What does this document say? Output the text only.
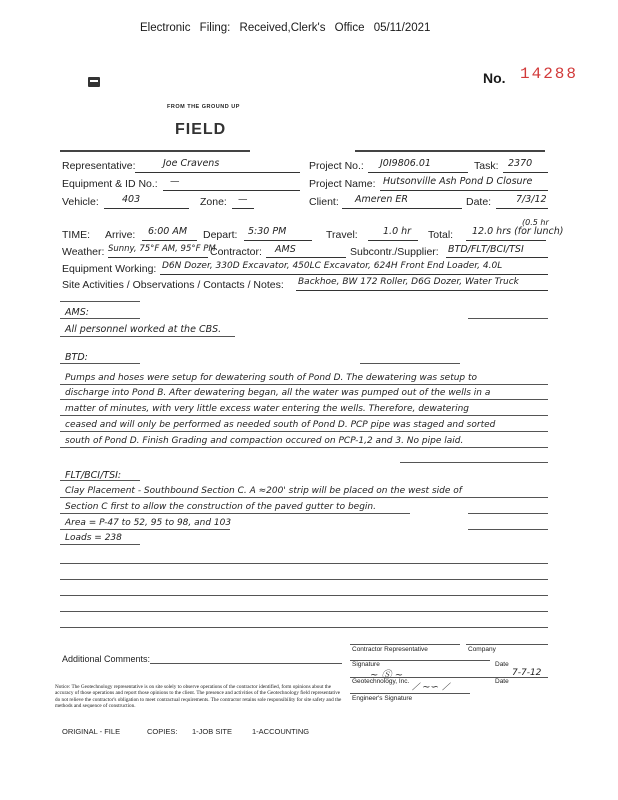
Electronic Filing: Received,Clerk's Office 05/11/2021
No. 14288
FROM THE GROUND UP
FIELD
Representative:	Joe Cravens	Project No.: J0I9806.01	Task: 2370
Equipment & ID No.: —	Project Name: Hutsonville Ash Pond D Closure
Vehicle: 403	Zone: —	Client: Ameren ER	Date:	7/3/12
(0.5 hr
TIME: Arrive: 6:00 AM Depart: 5:30 PM	Travel:	1.0 hr Total: 12.0 hrs (for lunch)
Weather: Sunny, 75°F AM, 95°F PM
Contractor: AMS	Subcontr./Supplier: BTD/FLT/BCI/TSI
Equipment Working: D6N Dozer, 330D Excavator, 450LC Excavator, 624H Front End Loader, 4.0L
Site Activities / Observations / Contacts / Notes: Backhoe, BW 172 Roller, D6G Dozer, Water Truck
AMS:
All personnel worked at the CBS.
BTD:
Pumps and hoses were setup for dewatering south of Pond D. The dewatering was setup to
discharge into Pond B. After dewatering began, all the water was pumped out of the wells in a
matter of minutes, with very little excess water entering the wells. Therefore, dewatering
ceased and will only be performed as needed south of Pond D. PCP pipe was staged and sorted
south of Pond D. Finish Grading and compaction occured on PCP-1,2 and 3. No pipe laid.
FLT/BCI/TSI:
Clay Placement - Southbound Section C. A ≈200' strip will be placed on the west side of
Section C first to allow the construction of the paved gutter to begin.
Area = P-47 to 52, 95 to 98, and 103
Loads = 238
Contractor Representative	Company
Additional Comments:
Signature	Date
~ Ⓢ ~	7-7-12
Geotechnology, Inc.	Date
⟋ ∼∽ ⟋
Engineer's Signature
Notice: The Geotechnology representative is on site solely to observe operations of the contractor identified, form opinions about the accuracy of those operations and report those opinions to the client. The presence and activities of the Geotechnology field representative do not relieve the contractor's obligation to meet contractual requirements. The contractor retains sole responsibility for site safety and the methods and sequence of construction.
ORIGINAL - FILE	COPIES: 1-JOB SITE	1-ACCOUNTING
